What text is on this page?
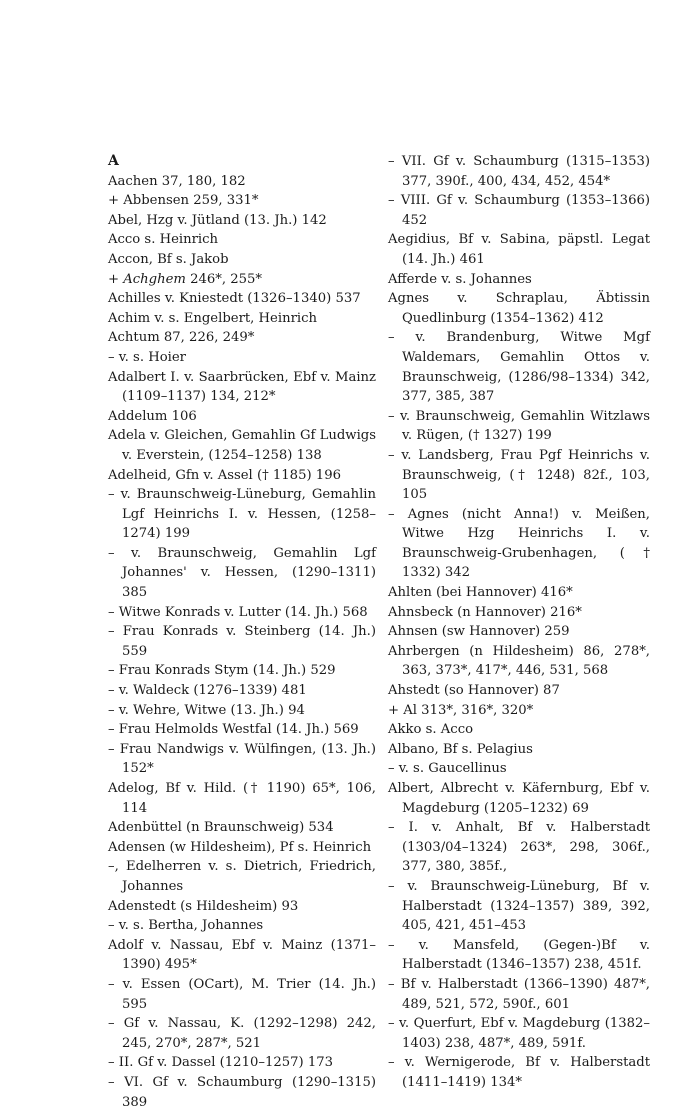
A
Aachen 37, 180, 182
+ Abbensen 259, 331*
Abel, Hzg v. Jütland (13. Jh.) 142
Acco s. Heinrich
Accon, Bf s. Jakob
+ Achghem 246*, 255*
Achilles v. Kniestedt (1326–1340) 537
Achim v. s. Engelbert, Heinrich
Achtum 87, 226, 249*
– v. s. Hoier
Adalbert I. v. Saarbrücken, Ebf v. Mainz (1109–1137) 134, 212*
Addelum 106
Adela v. Gleichen, Gemahlin Gf Ludwigs v. Everstein, (1254–1258) 138
Adelheid, Gfn v. Assel († 1185) 196
– v. Braunschweig-Lüneburg, Gemahlin Lgf Heinrichs I. v. Hessen, (1258–1274) 199
– v. Braunschweig, Gemahlin Lgf Johannes' v. Hessen, (1290–1311) 385
– Witwe Konrads v. Lutter (14. Jh.) 568
– Frau Konrads v. Steinberg (14. Jh.) 559
– Frau Konrads Stym (14. Jh.) 529
– v. Waldeck (1276–1339) 481
– v. Wehre, Witwe (13. Jh.) 94
– Frau Helmolds Westfal (14. Jh.) 569
– Frau Nandwigs v. Wülfingen, (13. Jh.) 152*
Adelog, Bf v. Hild. († 1190) 65*, 106, 114
Adenbüttel (n Braunschweig) 534
Adensen (w Hildesheim), Pf s. Heinrich
–, Edelherren v. s. Dietrich, Friedrich, Johannes
Adenstedt (s Hildesheim) 93
– v. s. Bertha, Johannes
Adolf v. Nassau, Ebf v. Mainz (1371–1390) 495*
– v. Essen (OCart), M. Trier (14. Jh.) 595
– Gf v. Nassau, K. (1292–1298) 242, 245, 270*, 287*, 521
– II. Gf v. Dassel (1210–1257) 173
– VI. Gf v. Schaumburg (1290–1315) 389
– VII. Gf v. Schaumburg (1315–1353) 377, 390f., 400, 434, 452, 454*
– VIII. Gf v. Schaumburg (1353–1366) 452
Aegidius, Bf v. Sabina, päpstl. Legat (14. Jh.) 461
Afferde v. s. Johannes
Agnes v. Schraplau, Äbtissin Quedlinburg (1354–1362) 412
– v. Brandenburg, Witwe Mgf Waldemars, Gemahlin Ottos v. Braunschweig, (1286/98–1334) 342, 377, 385, 387
– v. Braunschweig, Gemahlin Witzlaws v. Rügen, († 1327) 199
– v. Landsberg, Frau Pgf Heinrichs v. Braunschweig, († 1248) 82f., 103, 105
– Agnes (nicht Anna!) v. Meißen, Witwe Hzg Heinrichs I. v. Braunschweig-Grubenhagen, († 1332) 342
Ahlten (bei Hannover) 416*
Ahnsbeck (n Hannover) 216*
Ahnsen (sw Hannover) 259
Ahrbergen (n Hildesheim) 86, 278*, 363, 373*, 417*, 446, 531, 568
Ahstedt (so Hannover) 87
+ Al 313*, 316*, 320*
Akko s. Acco
Albano, Bf s. Pelagius
– v. s. Gaucellinus
Albert, Albrecht v. Käfernburg, Ebf v. Magdeburg (1205–1232) 69
– I. v. Anhalt, Bf v. Halberstadt (1303/04–1324) 263*, 298, 306f., 377, 380, 385f.,
– v. Braunschweig-Lüneburg, Bf v. Halberstadt (1324–1357) 389, 392, 405, 421, 451–453
– v. Mansfeld, (Gegen-)Bf v. Halberstadt (1346–1357) 238, 451f.
– Bf v. Halberstadt (1366–1390) 487*, 489, 521, 572, 590f., 601
– v. Querfurt, Ebf v. Magdeburg (1382–1403) 238, 487*, 489, 591f.
– v. Wernigerode, Bf v. Halberstadt (1411–1419) 134*
